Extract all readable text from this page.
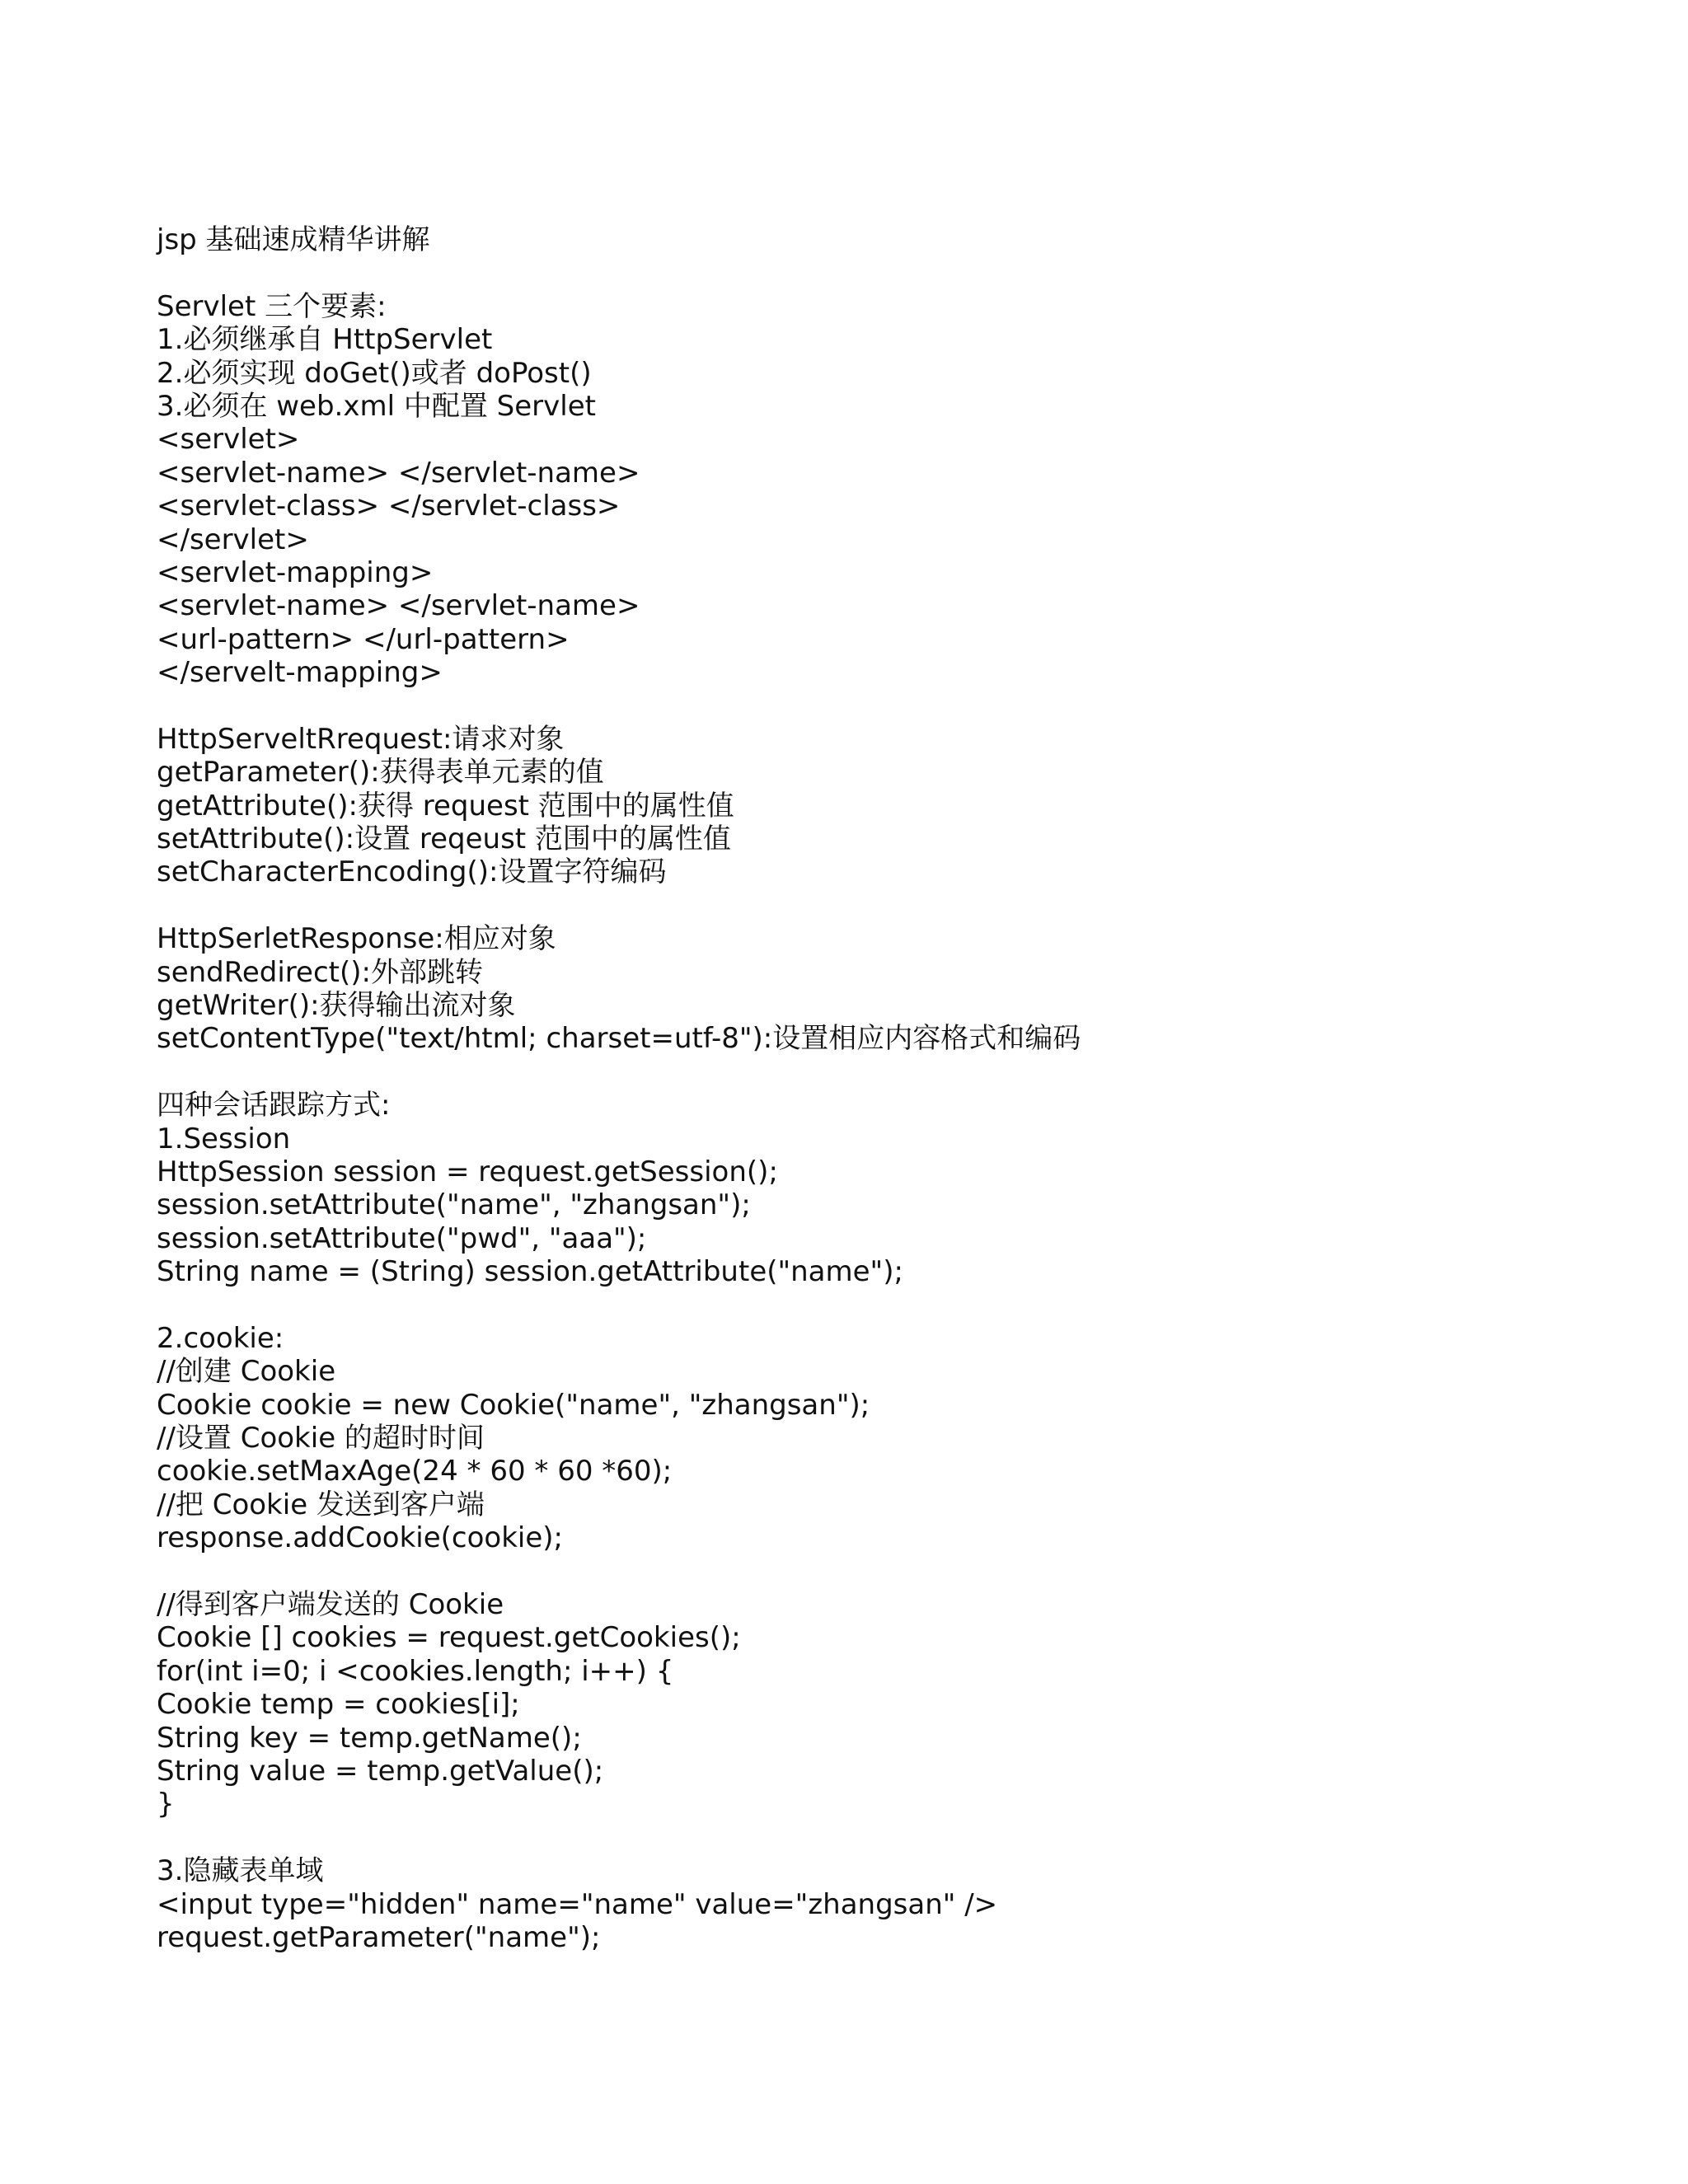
jsp 基础速成精华讲解
Servlet 三个要素:
1.必须继承自 HttpServlet
2.必须实现 doGet()或者 doPost()
3.必须在 web.xml 中配置 Servlet
<servlet>
<servlet-name> </servlet-name>
<servlet-class> </servlet-class>
</servlet>
<servlet-mapping>
<servlet-name> </servlet-name>
<url-pattern> </url-pattern>
</servelt-mapping>
HttpServeltRrequest:请求对象
getParameter():获得表单元素的值
getAttribute():获得 request 范围中的属性值
setAttribute():设置 reqeust 范围中的属性值
setCharacterEncoding():设置字符编码
HttpSerletResponse:相应对象
sendRedirect():外部跳转
getWriter():获得输出流对象
setContentType("text/html; charset=utf-8"):设置相应内容格式和编码
四种会话跟踪方式:
1.Session
HttpSession session = request.getSession();
session.setAttribute("name", "zhangsan");
session.setAttribute("pwd", "aaa");
String name = (String) session.getAttribute("name");
2.cookie:
//创建 Cookie
Cookie cookie = new Cookie("name", "zhangsan");
//设置 Cookie 的超时时间
cookie.setMaxAge(24 * 60 * 60 *60);
//把 Cookie 发送到客户端
response.addCookie(cookie);
//得到客户端发送的 Cookie
Cookie [] cookies = request.getCookies();
for(int i=0; i <cookies.length; i++) {
Cookie temp = cookies[i];
String key = temp.getName();
String value = temp.getValue();
}
3.隐藏表单域
<input type="hidden" name="name" value="zhangsan" />
request.getParameter("name");
